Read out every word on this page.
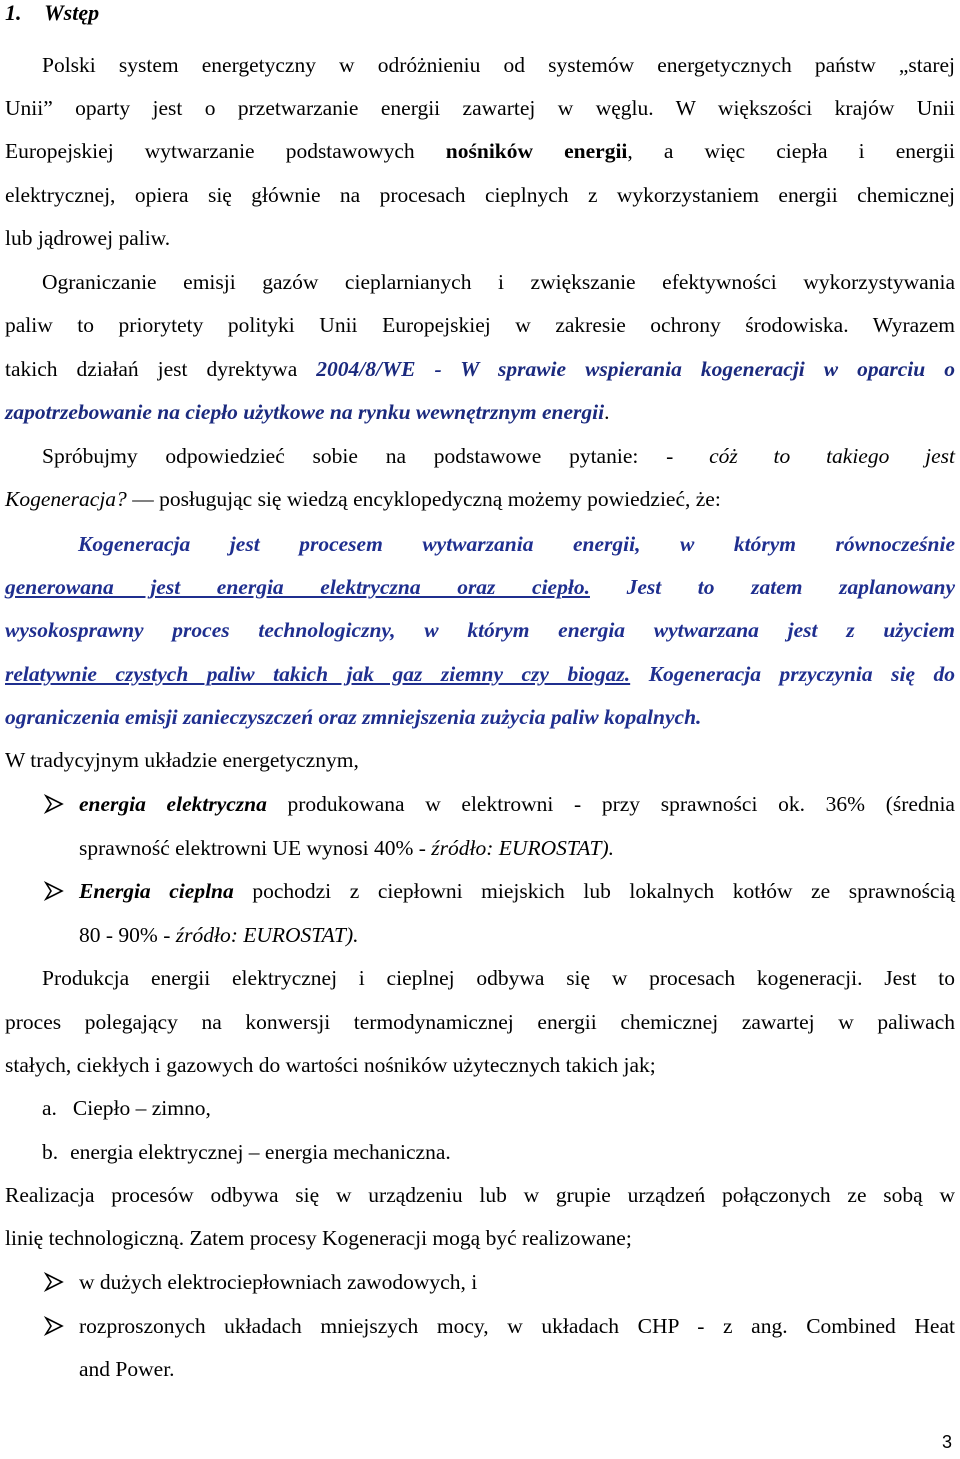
1. Wstęp
Polski system energetyczny w odróżnieniu od systemów energetycznych państw „starej
Unii” oparty jest o przetwarzanie energii zawartej w węglu. W większości krajów Unii
Europejskiej wytwarzanie podstawowych nośników energii, a więc ciepła i energii
elektrycznej, opiera się głównie na procesach cieplnych z wykorzystaniem energii chemicznej
lub jądrowej paliw.
Ograniczanie emisji gazów cieplarnianych i zwiększanie efektywności wykorzystywania
paliw to priorytety polityki Unii Europejskiej w zakresie ochrony środowiska. Wyrazem
takich działań jest dyrektywa 2004/8/WE - W sprawie wspierania kogeneracji w oparciu o
zapotrzebowanie na ciepło użytkowe na rynku wewnętrznym energii.
Spróbujmy odpowiedzieć sobie na podstawowe pytanie: - cóż to takiego jest
Kogeneracja? — posługując się wiedzą encyklopedyczną możemy powiedzieć, że:
Kogeneracja jest procesem wytwarzania energii, w którym równocześnie
generowana jest energia elektryczna oraz ciepło. Jest to zatem zaplanowany
wysokosprawny proces technologiczny, w którym energia wytwarzana jest z użyciem
relatywnie czystych paliw takich jak gaz ziemny czy biogaz. Kogeneracja przyczynia się do
ograniczenia emisji zanieczyszczeń oraz zmniejszenia zużycia paliw kopalnych.
W tradycyjnym układzie energetycznym,
energia elektryczna produkowana w elektrowni - przy sprawności ok. 36% (średnia
sprawność elektrowni UE wynosi 40% - źródło: EUROSTAT).
Energia cieplna pochodzi z ciepłowni miejskich lub lokalnych kotłów ze sprawnością
80 - 90% - źródło: EUROSTAT).
Produkcja energii elektrycznej i cieplnej odbywa się w procesach kogeneracji. Jest to
proces polegający na konwersji termodynamicznej energii chemicznej zawartej w paliwach
stałych, ciekłych i gazowych do wartości nośników użytecznych takich jak;
a. Ciepło – zimno,
b. energia elektrycznej – energia mechaniczna.
Realizacja procesów odbywa się w urządzeniu lub w grupie urządzeń połączonych ze sobą w
linię technologiczną. Zatem procesy Kogeneracji mogą być realizowane;
w dużych elektrociepłowniach zawodowych, i
rozproszonych układach mniejszych mocy, w układach CHP - z ang. Combined Heat
and Power.
3
